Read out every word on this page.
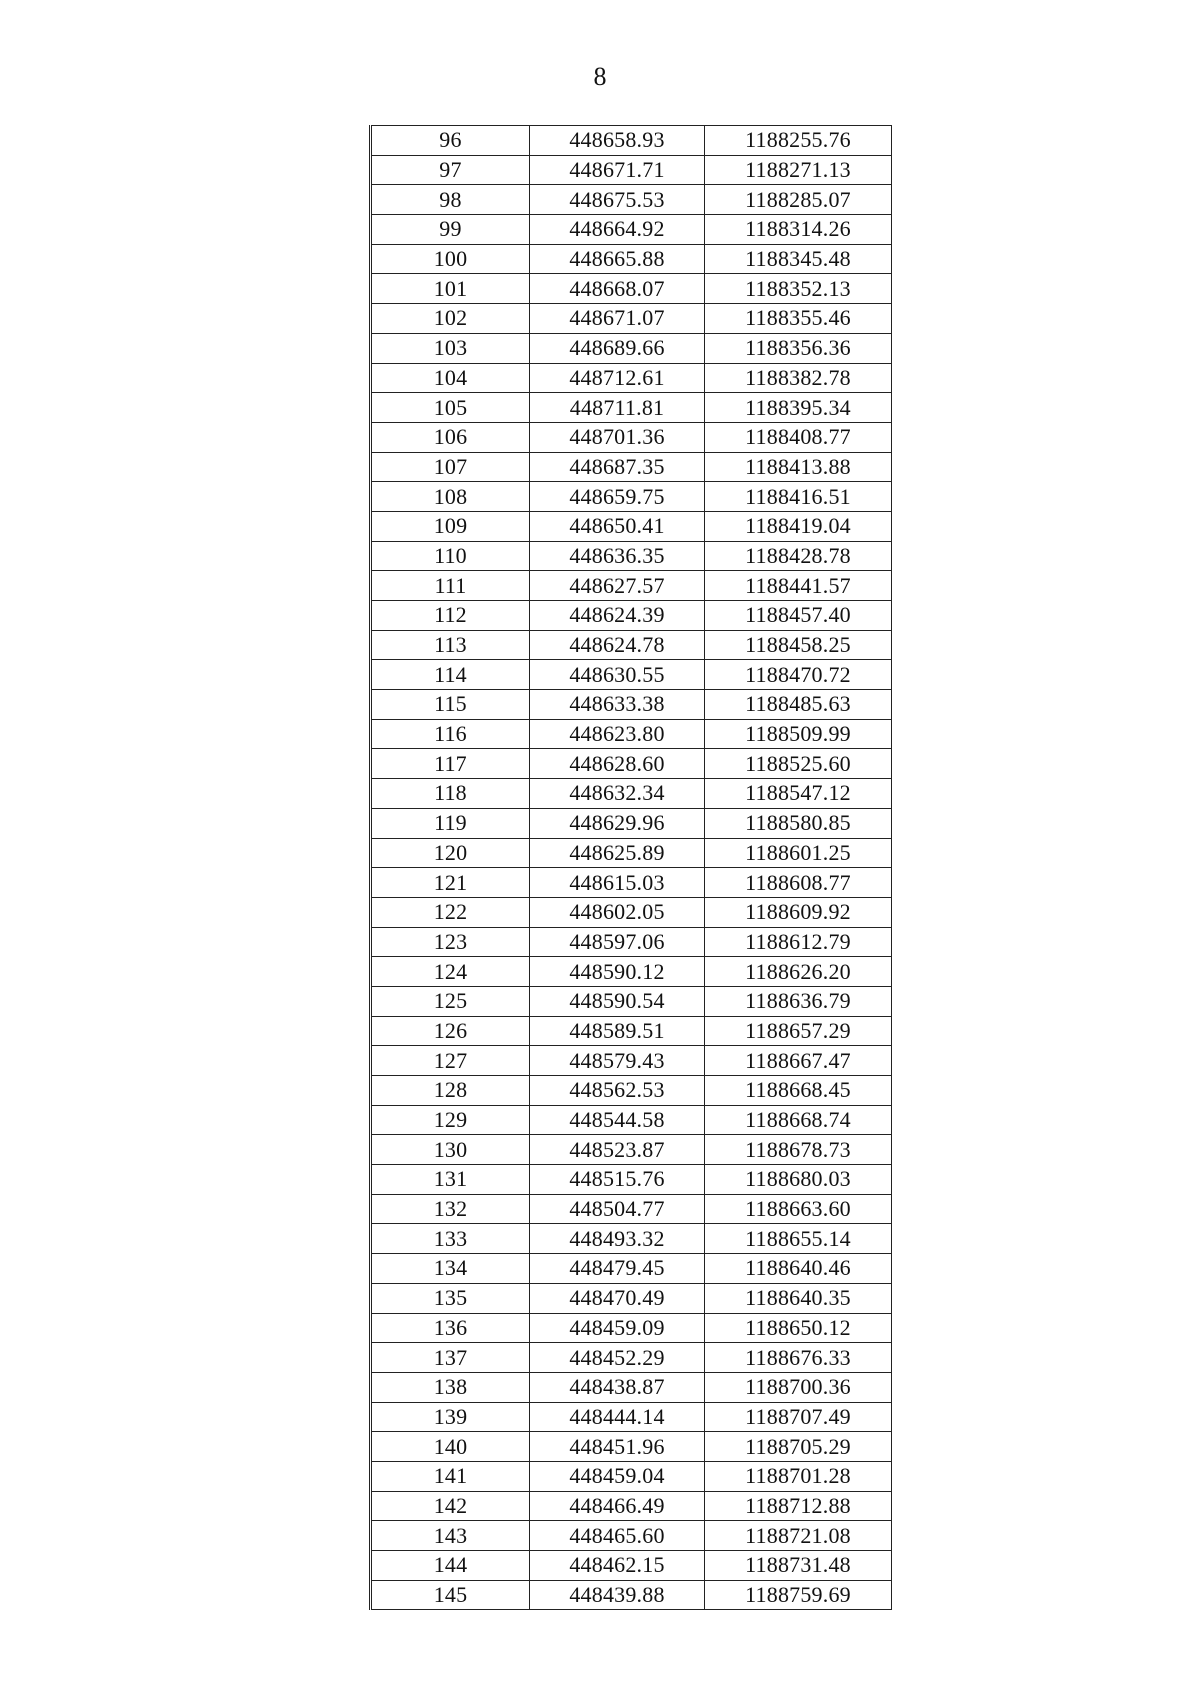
8
96	448658.93	1188255.76
97	448671.71	1188271.13
98	448675.53	1188285.07
99	448664.92	1188314.26
100	448665.88	1188345.48
101	448668.07	1188352.13
102	448671.07	1188355.46
103	448689.66	1188356.36
104	448712.61	1188382.78
105	448711.81	1188395.34
106	448701.36	1188408.77
107	448687.35	1188413.88
108	448659.75	1188416.51
109	448650.41	1188419.04
110	448636.35	1188428.78
111	448627.57	1188441.57
112	448624.39	1188457.40
113	448624.78	1188458.25
114	448630.55	1188470.72
115	448633.38	1188485.63
116	448623.80	1188509.99
117	448628.60	1188525.60
118	448632.34	1188547.12
119	448629.96	1188580.85
120	448625.89	1188601.25
121	448615.03	1188608.77
122	448602.05	1188609.92
123	448597.06	1188612.79
124	448590.12	1188626.20
125	448590.54	1188636.79
126	448589.51	1188657.29
127	448579.43	1188667.47
128	448562.53	1188668.45
129	448544.58	1188668.74
130	448523.87	1188678.73
131	448515.76	1188680.03
132	448504.77	1188663.60
133	448493.32	1188655.14
134	448479.45	1188640.46
135	448470.49	1188640.35
136	448459.09	1188650.12
137	448452.29	1188676.33
138	448438.87	1188700.36
139	448444.14	1188707.49
140	448451.96	1188705.29
141	448459.04	1188701.28
142	448466.49	1188712.88
143	448465.60	1188721.08
144	448462.15	1188731.48
145	448439.88	1188759.69
